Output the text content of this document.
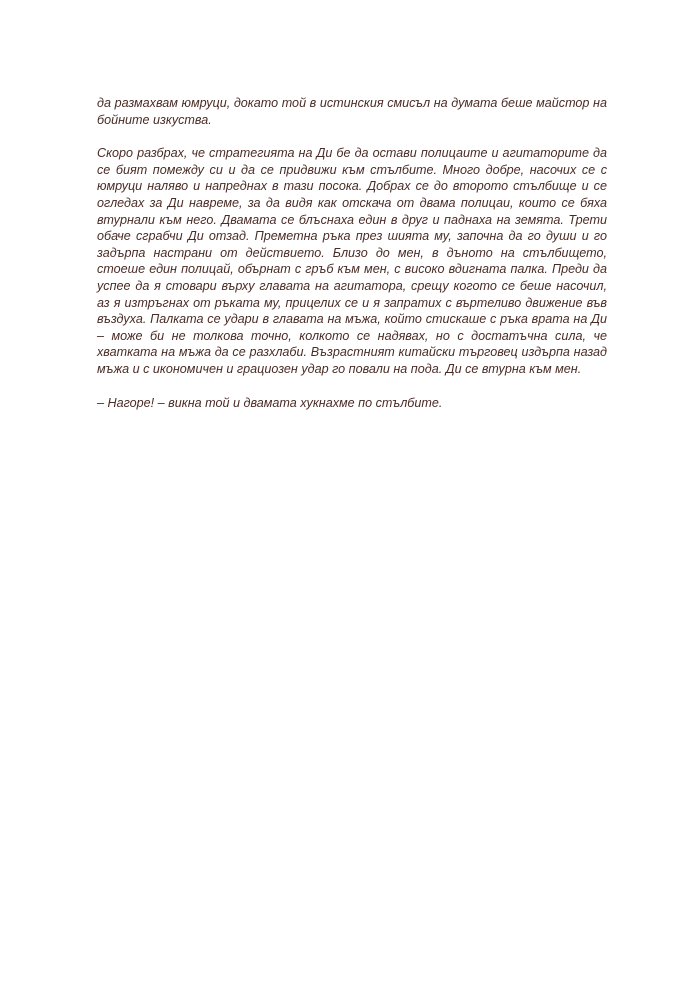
да размахвам юмруци, докато той в истинския смисъл на думата беше майстор на бойните изкуства.

Скоро разбрах, че стратегията на Ди бе да остави полицаите и агитаторите да се бият помежду си и да се придвижи към стълбите. Много добре, насочих се с юмруци наляво и напреднах в тази посока. Добрах се до второто стълбище и се огледах за Ди навреме, за да видя как отскача от двама полицаи, които се бяха втурнали към него. Двамата се блъснаха един в друг и паднаха на земята. Трети обаче сграбчи Ди отзад. Преметна ръка през шията му, започна да го души и го задърпа настрани от действието. Близо до мен, в дъното на стълбището, стоеше един полицай, обърнат с гръб към мен, с високо вдигната палка. Преди да успее да я стовари върху главата на агитатора, срещу когото се беше насочил, аз я изтръгнах от ръката му, прицелих се и я запратих с въртеливо движение във въздуха. Палката се удари в главата на мъжа, който стискаше с ръка врата на Ди – може би не толкова точно, колкото се надявах, но с достатъчна сила, че хватката на мъжа да се разхлаби. Възрастният китайски търговец издърпа назад мъжа и с икономичен и грациозен удар го повали на пода. Ди се втурна към мен.

– Нагоре! – викна той и двамата хукнахме по стълбите.
